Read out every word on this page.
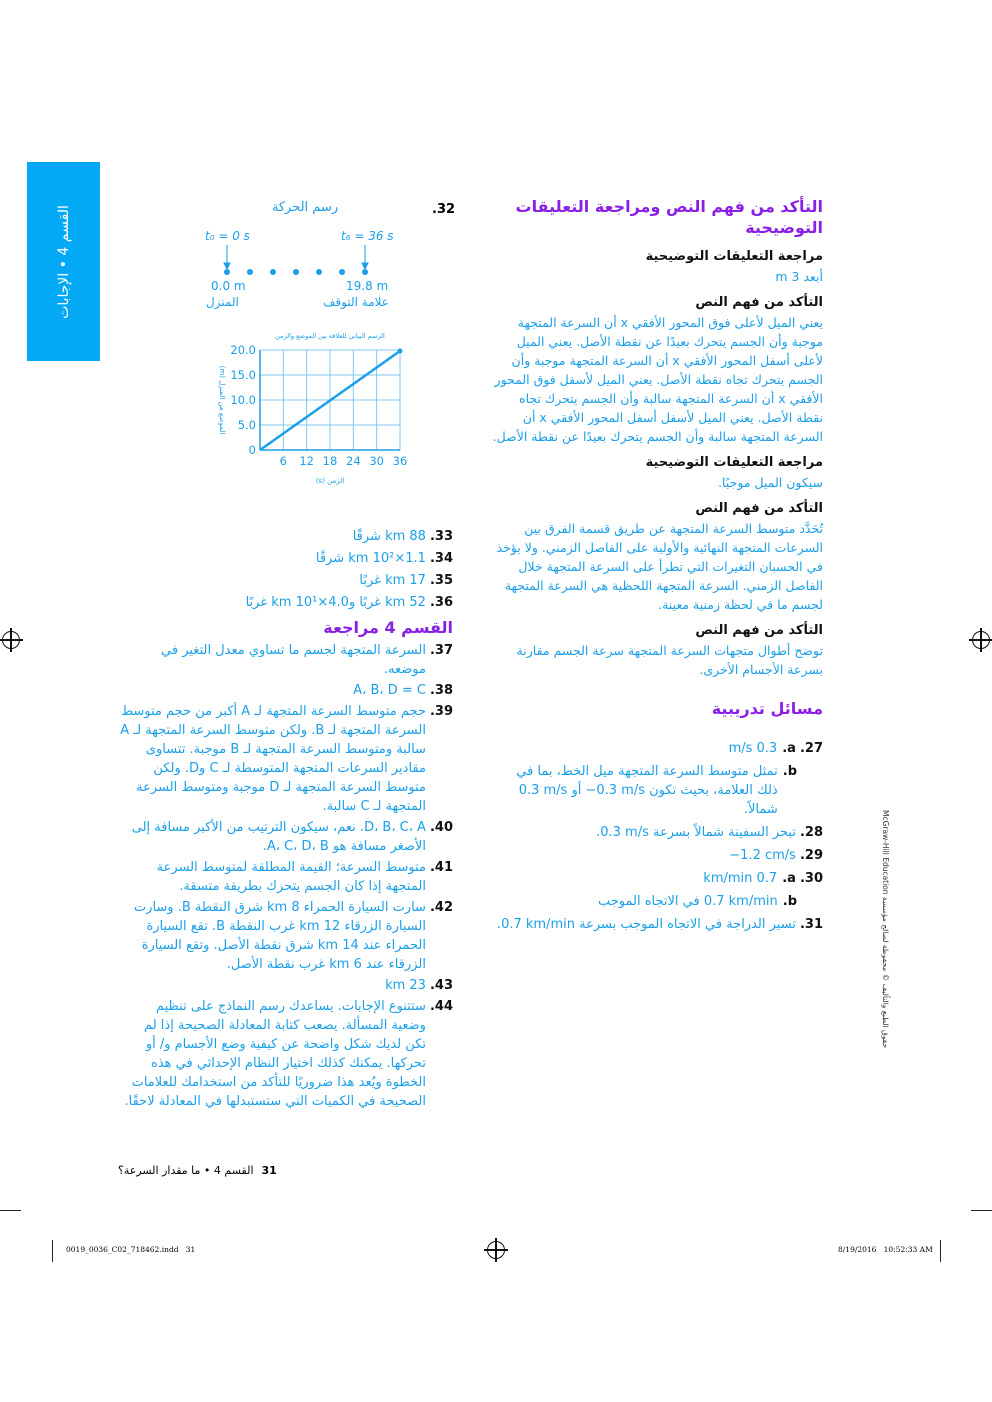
القسم 4 • الإجابات	التأكد من فهم النص ومراجعة التعليقات التوضيحية
مراجعة التعليقات التوضيحية
أبعد 3 m
التأكد من فهم النص
يعني الميل لأعلى فوق المحور الأفقي x أن السرعة المتجهة موجبة وأن الجسم يتحرك بعيدًا عن نقطة الأصل. يعني الميل لأعلى أسفل المحور الأفقي x أن السرعة المتجهة موجبة وأن الجسم يتحرك تجاه نقطة الأصل. يعني الميل لأسفل فوق المحور الأفقي x أن السرعة المتجهة سالبة وأن الجسم يتحرك تجاه نقطة الأصل. يعني الميل لأسفل أسفل المحور الأفقي x أن السرعة المتجهة سالبة وأن الجسم يتحرك بعيدًا عن نقطة الأصل.
مراجعة التعليقات التوضيحية
سيكون الميل موجبًا.
التأكد من فهم النص
تُحَدَّد متوسط السرعة المتجهة عن طريق قسمة الفرق بين السرعات المتجهة النهائية والأولية على الفاصل الزمني. ولا يؤخذ في الحسبان التغيرات التي تطرأ على السرعة المتجهة خلال الفاصل الزمني. السرعة المتجهة اللحظية هي السرعة المتجهة لجسم ما في لحظة زمنية معينة.
التأكد من فهم النص
توضح أطوال متجهات السرعة المتجهة سرعة الجسم مقارنة بسرعة الأجسام الأخرى.
مسائل تدريبية
27.
a.
0.3 m/s
b.
تمثل متوسط السرعة المتجهة ميل الخط، بما في ذلك العلامة، بحيث تكون ‎−0.3 m/s‎ أو ‎0.3 m/s‎ شمالاً.
28.
تبحر السفينة شمالاً بسرعة ‎0.3 m/s‎.
29.
‎−1.2 cm/s‎
30.
a.
0.7 km/min
b.
‎0.7 km/min‎ في الاتجاه الموجب
31.
تسير الدراجة في الاتجاه الموجب بسرعة ‎0.7 km/min‎.
32.
رسم الحركة
t₀ = 0 s	t₆ = 36 s
0.0 m	19.8 m
المنزل	علامة التوقف
6 12 18 24 30 36
0
5.0
10.0
15.0
20.0
الرسم البياني للعلاقة بين الموضع والزمن
الزمن (s)
الموضع من المنزل (m)
33.
88 km شرقًا
34.
1.1×10² km شرقًا
35.
17 km غربًا
36.
52 km غربًا و4.0×10¹ km غربًا
القسم 4 مراجعة
37.
السرعة المتجهة لجسم ما تساوي معدل التغير في موضعه.
38.
A، B، D = C
39.
حجم متوسط السرعة المتجهة لـ A أكبر من حجم متوسط السرعة المتجهة لـ B. ولكن متوسط السرعة المتجهة لـ A سالبة ومتوسط السرعة المتجهة لـ B موجبة. تتساوى مقادير السرعات المتجهة المتوسطة لـ C وD. ولكن متوسط السرعة المتجهة لـ D موجبة ومتوسط السرعة المتجهة لـ C سالبة.
40.
D، B، C، A. نعم، سيكون الترتيب من الأكبر مسافة إلى الأصغر مسافة هو A، C، D، B.
41.
متوسط السرعة؛ القيمة المطلقة لمتوسط السرعة المتجهة إذا كان الجسم يتحرك بطريقة متسقة.
42.
سارت السيارة الحمراء 8 km شرق النقطة B. وسارت السيارة الزرقاء 12 km غرب النقطة B. تقع السيارة الحمراء عند 14 km شرق نقطة الأصل. وتقع السيارة الزرقاء عند 6 km غرب نقطة الأصل.
43.
23 km
44.
ستتنوع الإجابات. يساعدك رسم النماذج على تنظيم وضعية المسألة. يصعب كتابة المعادلة الصحيحة إذا لم تكن لديك شكل واضحة عن كيفية وضع الأجسام و/ أو تحركها. يمكنك كذلك اختيار النظام الإحداثي في هذه الخطوة ويُعد هذا ضروريًا للتأكد من استخدامك للعلامات الصحيحة في الكميات التي ستستبدلها في المعادلة لاحقًا.
31
القسم 4 • ما مقدار السرعة؟
حقوق الطبع والتأليف © محفوظة لصالح مؤسسة McGraw-Hill Education
0019_0036_C02_718462.indd   31	8/19/2016   10:52:33 AM
